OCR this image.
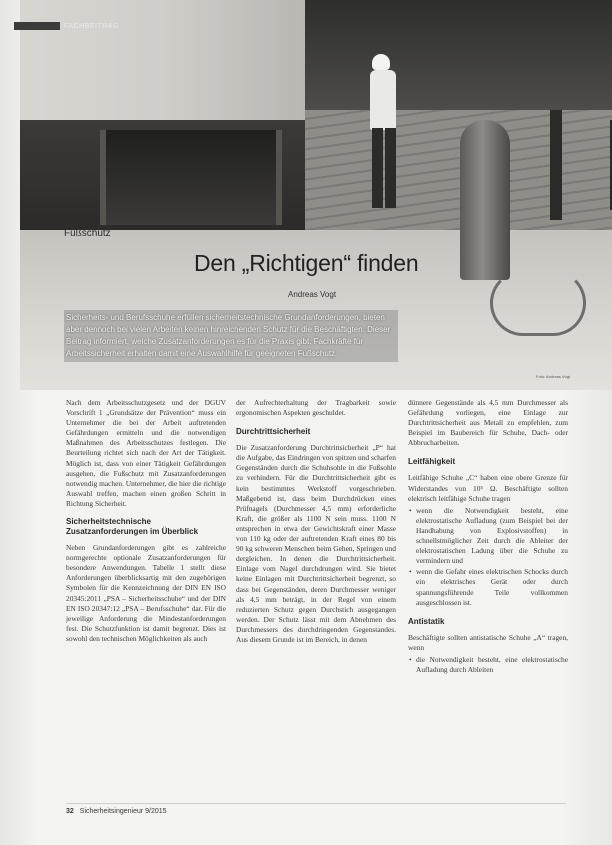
FACHBEITRAG
Fußschutz
Den „Richtigen“ finden
Andreas Vogt
Sicherheits- und Berufsschuhe erfüllen sicherheitstechnische Grundanforderungen, bieten aber dennoch bei vielen Arbeiten keinen hinreichenden Schutz für die Beschäftigten. Dieser Beitrag informiert, welche Zusatzanforderungen es für die Praxis gibt. Fachkräfte für Arbeitssicherheit erhalten damit eine Auswahlhilfe für geeigneten Fußschutz.
Foto: Andreas Vogt

Nach dem Arbeitsschutzgesetz und der DGUV Vorschrift 1 „Grundsätze der Prävention“ muss ein Unternehmer die bei der Arbeit auftretenden Gefährdungen ermitteln und die notwendigen Maßnahmen des Arbeitsschutzes festlegen. Die Beurteilung richtet sich nach der Art der Tätigkeit. Möglich ist, dass von einer Tätigkeit Gefährdungen ausgehen, die Fußschutz mit Zusatzanforderungen notwendig machen. Unternehmer, die hier die richtige Auswahl treffen, machen einen großen Schritt in Richtung Sicherheit.

Sicherheitstechnische Zusatzanforderungen im Überblick

Neben Grundanforderungen gibt es zahlreiche normgerechte optionale Zusatzanforderungen für besondere Anwendungen. Tabelle 1 stellt diese Anforderungen überblicksartig mit den zugehörigen Symbolen für die Kennzeichnung der DIN EN ISO 20345:2011 „PSA – Sicherheitsschuhe“ und der DIN EN ISO 20347:12 „PSA – Berufsschuhe“ dar. Für die jeweilige Anforderung die Mindestanforderungen fest. Die Schutzfunktion ist damit begrenzt. Dies ist sowohl den technischen Möglichkeiten als auch

der Aufrechterhaltung der Tragbarkeit sowie ergonomischen Aspekten geschuldet.

Durchtrittsicherheit

Die Zusatzanforderung Durchtrittsicherheit „P“ hat die Aufgabe, das Eindringen von spitzen und scharfen Gegenständen durch die Schuhsohle in die Fußsohle zu verhindern. Für die Durchtrittsicherheit gibt es kein bestimmtes Werkstoff vorgeschrieben. Maßgebend ist, dass beim Durchdrücken eines Prüfnagels (Durchmesser 4,5 mm) erforderliche Kraft, die größer als 1100 N sein muss. 1100 N entsprechen in etwa der Gewichtskraft einer Masse von 110 kg oder der auftretenden Kraft eines 80 bis 90 kg schweren Menschen beim Gehen, Springen und dergleichen. In denen die Durchtrittsicherheit. Einlage vom Nagel durchdrungen wird. Sie bietet keine Einlagen mit Durchtrittsicherheit begrenzt, so dass bei Gegenständen, deren Durchmesser weniger als 4,5 mm beträgt, in der Regel von einem reduzierten Schutz gegen Durchstich ausgegangen werden. Der Schutz lässt mit dem Abnehmen des Durchmessers des durchdringenden Gegenstandes. Aus diesem Grunde ist im Bereich, in denen

dünnere Gegenstände als 4,5 mm Durchmesser als Gefährdung vorliegen, eine Einlage zur Durchtrittsicherheit aus Metall zu empfehlen, zum Beispiel im Baubereich für Schuhe, Dach- oder Abbrucharbeiten.

Leitfähigkeit

Leitfähige Schuhe „C“ haben eine obere Grenze für Widerstandes von 10⁵ Ω. Beschäftigte sollten elektrisch leitfähige Schuhe tragen

• wenn die Notwendigkeit besteht, eine elektrostatische Aufladung (zum Beispiel bei der Handhabung von Explosivstoffen) in schnellstmöglicher Zeit durch die Ableiter der elektrostatischen Ladung über die Schuhe zu vermindern und
• wenn die Gefahr eines elektrischen Schocks durch ein elektrisches Gerät oder durch spannungsführende Teile vollkommen ausgeschlossen ist.
Antistatik

Beschäftigte sollten antistatische Schuhe „A“ tragen, wenn

• die Notwendigkeit besteht, eine elektrostatische Aufladung durch Ableiten
32 Sicherheitsingenieur 9/2015
